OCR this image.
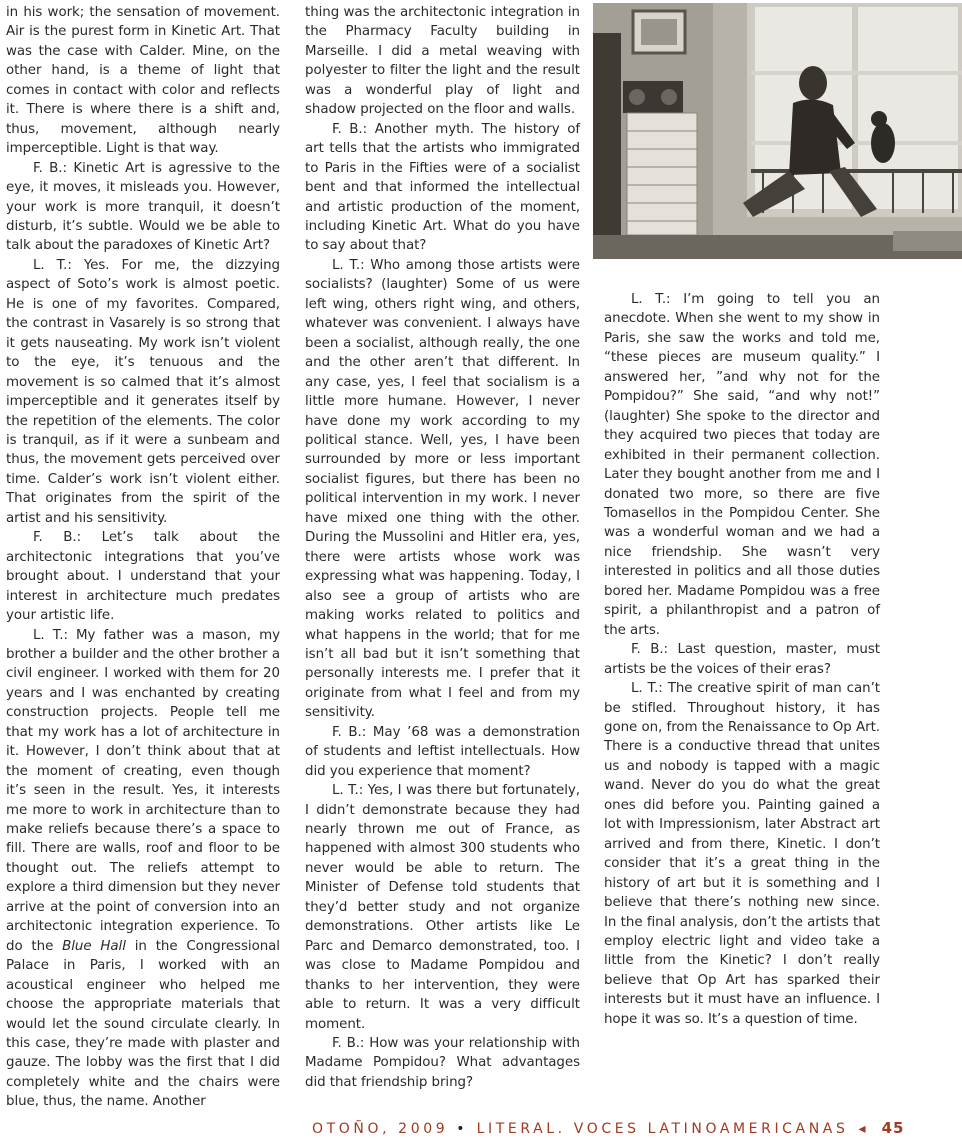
in his work; the sensation of movement. Air is the purest form in Kinetic Art. That was the case with Calder. Mine, on the other hand, is a theme of light that comes in contact with color and reflects it. There is where there is a shift and, thus, movement, although nearly imperceptible. Light is that way.

F. B.: Kinetic Art is agressive to the eye, it moves, it misleads you. However, your work is more tranquil, it doesn’t disturb, it’s subtle. Would we be able to talk about the paradoxes of Kinetic Art?

L. T.: Yes. For me, the dizzying aspect of Soto’s work is almost poetic. He is one of my favorites. Compared, the contrast in Vasarely is so strong that it gets nauseating. My work isn’t violent to the eye, it’s tenuous and the movement is so calmed that it’s almost imperceptible and it generates itself by the repetition of the elements. The color is tranquil, as if it were a sunbeam and thus, the movement gets perceived over time. Calder’s work isn’t violent either. That originates from the spirit of the artist and his sensitivity.

F. B.: Let’s talk about the architectonic integrations that you’ve brought about. I understand that your interest in architecture much predates your artistic life.

L. T.: My father was a mason, my brother a builder and the other brother a civil engineer. I worked with them for 20 years and I was enchanted by creating construction projects. People tell me that my work has a lot of architecture in it. However, I don’t think about that at the moment of creating, even though it’s seen in the result. Yes, it interests me more to work in architecture than to make reliefs because there’s a space to fill. There are walls, roof and floor to be thought out. The reliefs attempt to explore a third dimension but they never arrive at the point of conversion into an architectonic integration experience. To do the Blue Hall in the Congressional Palace in Paris, I worked with an acoustical engineer who helped me choose the appropriate materials that would let the sound circulate clearly. In this case, they’re made with plaster and gauze. The lobby was the first that I did completely white and the chairs were blue, thus, the name. Another

thing was the architectonic integration in the Pharmacy Faculty building in Marseille. I did a metal weaving with polyester to filter the light and the result was a wonderful play of light and shadow projected on the floor and walls.

F. B.: Another myth. The history of art tells that the artists who immigrated to Paris in the Fifties were of a socialist bent and that informed the intellectual and artistic production of the moment, including Kinetic Art. What do you have to say about that?

L. T.: Who among those artists were socialists? (laughter) Some of us were left wing, others right wing, and others, whatever was convenient. I always have been a socialist, although really, the one and the other aren’t that different. In any case, yes, I feel that socialism is a little more humane. However, I never have done my work according to my political stance. Well, yes, I have been surrounded by more or less important socialist figures, but there has been no political intervention in my work. I never have mixed one thing with the other. During the Mussolini and Hitler era, yes, there were artists whose work was expressing what was happening. Today, I also see a group of artists who are making works related to politics and what happens in the world; that for me isn’t all bad but it isn’t something that personally interests me. I prefer that it originate from what I feel and from my sensitivity.

F. B.: May ’68 was a demonstration of students and leftist intellectuals. How did you experience that moment?

L. T.: Yes, I was there but fortunately, I didn’t demonstrate because they had nearly thrown me out of France, as happened with almost 300 students who never would be able to return. The Minister of Defense told students that they’d better study and not organize demonstrations. Other artists like Le Parc and Demarco demonstrated, too. I was close to Madame Pompidou and thanks to her intervention, they were able to return. It was a very difficult moment.

F. B.: How was your relationship with Madame Pompidou? What advantages did that friendship bring?

L. T.: I’m going to tell you an anecdote. When she went to my show in Paris, she saw the works and told me, “these pieces are museum quality.” I answered her, ”and why not for the Pompidou?” She said, “and why not!” (laughter) She spoke to the director and they acquired two pieces that today are exhibited in their permanent collection. Later they bought another from me and I donated two more, so there are five Tomasellos in the Pompidou Center. She was a wonderful woman and we had a nice friendship. She wasn’t very interested in politics and all those duties bored her. Madame Pompidou was a free spirit, a philanthropist and a patron of the arts.

F. B.: Last question, master, must artists be the voices of their eras?

L. T.: The creative spirit of man can’t be stifled. Throughout history, it has gone on, from the Renaissance to Op Art. There is a conductive thread that unites us and nobody is tapped with a magic wand. Never do you do what the great ones did before you. Painting gained a lot with Impressionism, later Abstract art arrived and from there, Kinetic. I don’t consider that it’s a great thing in the history of art but it is something and I believe that there’s nothing new since. In the final analysis, don’t the artists that employ electric light and video take a little from the Kinetic? I don’t really believe that Op Art has sparked their interests but it must have an influence. I hope it was so. It’s a question of time.

OTOÑO, 2009 • LITERAL. VOCES LATINOAMERICANAS ◂ 45
